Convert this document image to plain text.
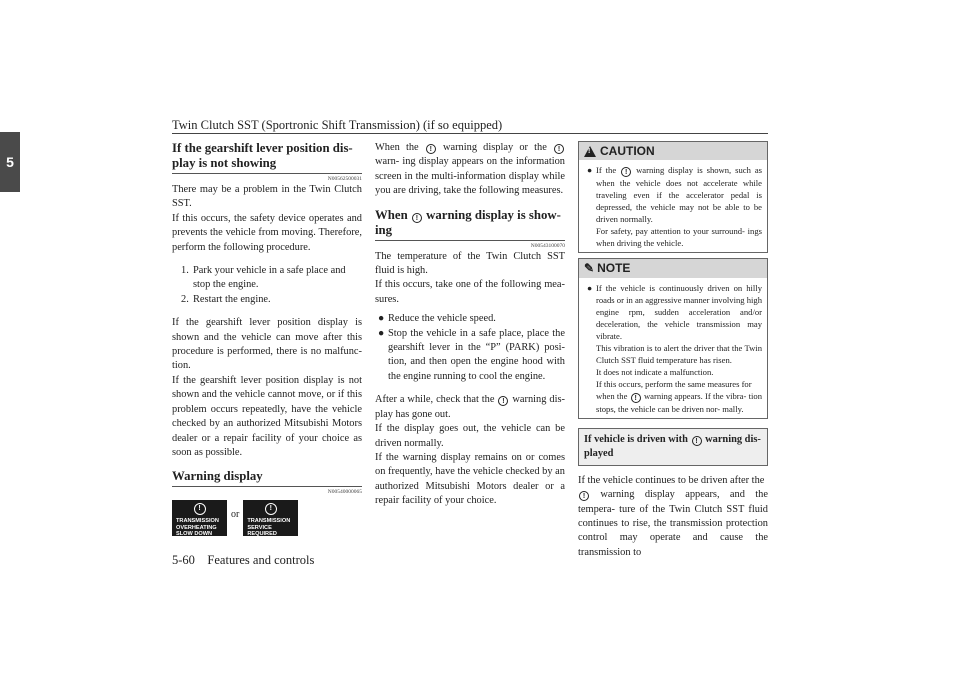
Twin Clutch SST (Sportronic Shift Transmission) (if so equipped)
5
5-60 Features and controls
If the gearshift lever position dis- play is not showing
N00562500031

There may be a problem in the Twin Clutch SST.

If this occurs, the safety device operates and prevents the vehicle from moving. Therefore, perform the following procedure.

1. Park your vehicle in a safe place and stop the engine.
2. Restart the engine.

If the gearshift lever position display is shown and the vehicle can move after this procedure is performed, there is no malfunc- tion.

If the gearshift lever position display is not shown and the vehicle cannot move, or if this problem occurs repeatedly, have the vehicle checked by an authorized Mitsubishi Motors dealer or a repair facility of your choice as soon as possible.

Warning display
N00540000065
!
TRANSMISSION
OVERHEATING
SLOW DOWN
or
!
TRANSMISSION
SERVICE REQUIRED

When the ! warning display or the ! warn- ing display appears on the information screen in the multi-information display while you are driving, take the following measures.

When ! warning display is show- ing
N00543100070

The temperature of the Twin Clutch SST fluid is high.

If this occurs, take one of the following mea- sures.

● Reduce the vehicle speed.
● Stop the vehicle in a safe place, place the gearshift lever in the “P” (PARK) posi- tion, and then open the engine hood with the engine running to cool the engine.

After a while, check that the ! warning dis- play has gone out.

If the display goes out, the vehicle can be driven normally.

If the warning display remains on or comes on frequently, have the vehicle checked by an authorized Mitsubishi Motors dealer or a repair facility of your choice.

! CAUTION
● If the ! warning display is shown, such as when the vehicle does not accelerate while traveling even if the accelerator pedal is depressed, the vehicle may not be able to be driven normally.
For safety, pay attention to your surround- ings when driving the vehicle.
✎ NOTE
● If the vehicle is continuously driven on hilly roads or in an aggressive manner involving high engine rpm, sudden acceleration and/or deceleration, the vehicle transmission may vibrate.
This vibration is to alert the driver that the Twin Clutch SST fluid temperature has risen.
It does not indicate a malfunction.
If this occurs, perform the same measures for
when the ! warning appears. If the vibra- tion stops, the vehicle can be driven nor- mally.
If vehicle is driven with ! warning dis- played

If the vehicle continues to be driven after the
! warning display appears, and the tempera- ture of the Twin Clutch SST fluid continues to rise, the transmission protection control may operate and cause the transmission to
